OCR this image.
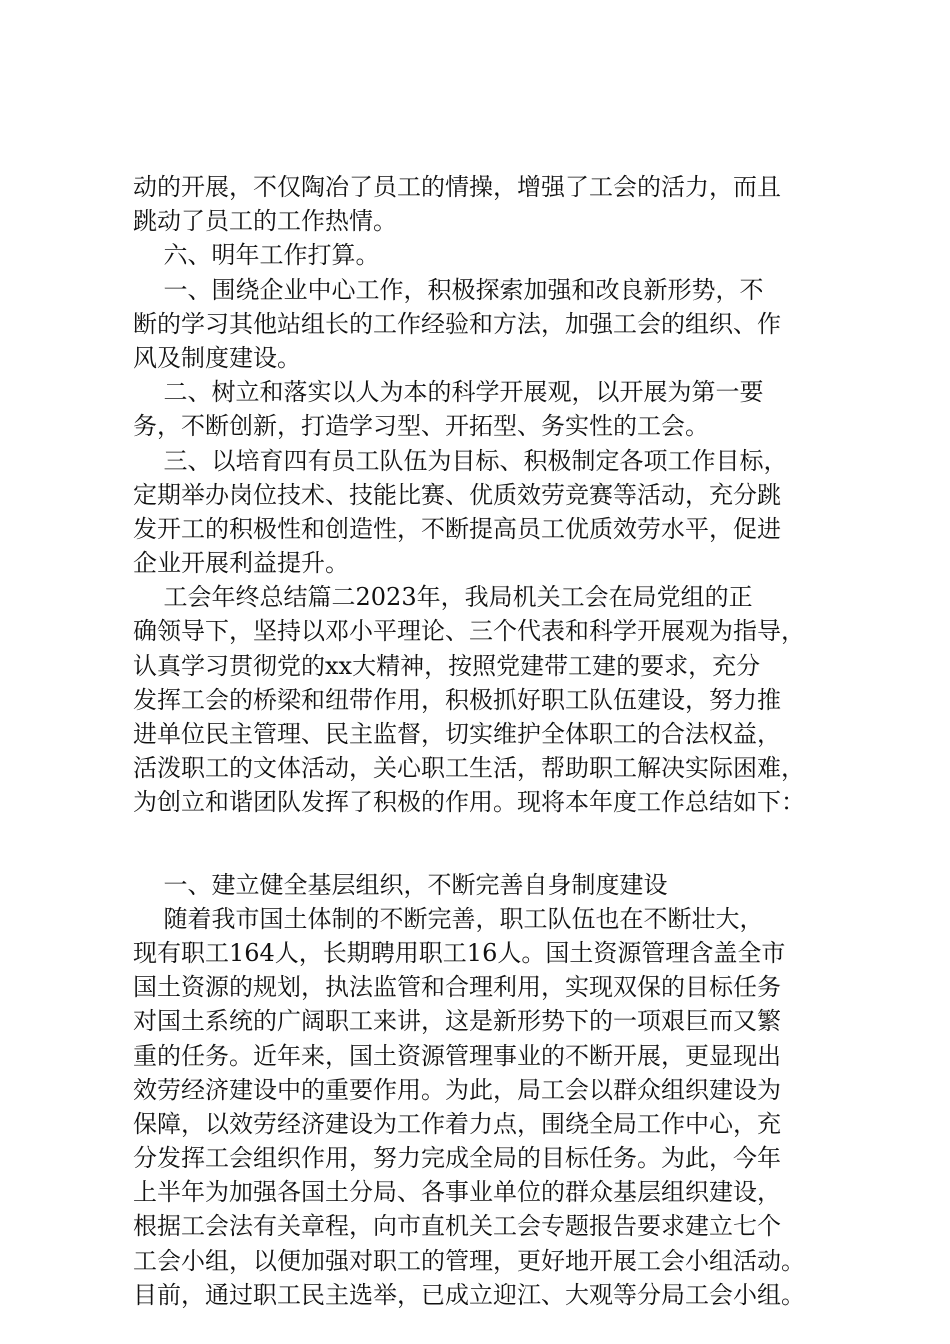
动的开展，不仅陶冶了员工的情操，增强了工会的活力，而且
跳动了员工的工作热情。
六、明年工作打算。
一、围绕企业中心工作，积极探索加强和改良新形势，不
断的学习其他站组长的工作经验和方法，加强工会的组织、作
风及制度建设。
二、树立和落实以人为本的科学开展观，以开展为第一要
务，不断创新，打造学习型、开拓型、务实性的工会。
三、以培育四有员工队伍为目标、积极制定各项工作目标，
定期举办岗位技术、技能比赛、优质效劳竞赛等活动，充分跳
发开工的积极性和创造性，不断提高员工优质效劳水平，促进
企业开展利益提升。
工会年终总结篇二2023年，我局机关工会在局党组的正
确领导下，坚持以邓小平理论、三个代表和科学开展观为指导，
认真学习贯彻党的xx大精神，按照党建带工建的要求，充分
发挥工会的桥梁和纽带作用，积极抓好职工队伍建设，努力推
进单位民主管理、民主监督，切实维护全体职工的合法权益，
活泼职工的文体活动，关心职工生活，帮助职工解决实际困难，
为创立和谐团队发挥了积极的作用。现将本年度工作总结如下：
一、建立健全基层组织，不断完善自身制度建设
随着我市国土体制的不断完善，职工队伍也在不断壮大，
现有职工164人，长期聘用职工16人。国土资源管理含盖全市
国土资源的规划，执法监管和合理利用，实现双保的目标任务
对国土系统的广阔职工来讲，这是新形势下的一项艰巨而又繁
重的任务。近年来，国土资源管理事业的不断开展，更显现出
效劳经济建设中的重要作用。为此，局工会以群众组织建设为
保障，以效劳经济建设为工作着力点，围绕全局工作中心，充
分发挥工会组织作用，努力完成全局的目标任务。为此，今年
上半年为加强各国土分局、各事业单位的群众基层组织建设，
根据工会法有关章程，向市直机关工会专题报告要求建立七个
工会小组，以便加强对职工的管理，更好地开展工会小组活动。
目前，通过职工民主选举，已成立迎江、大观等分局工会小组。
